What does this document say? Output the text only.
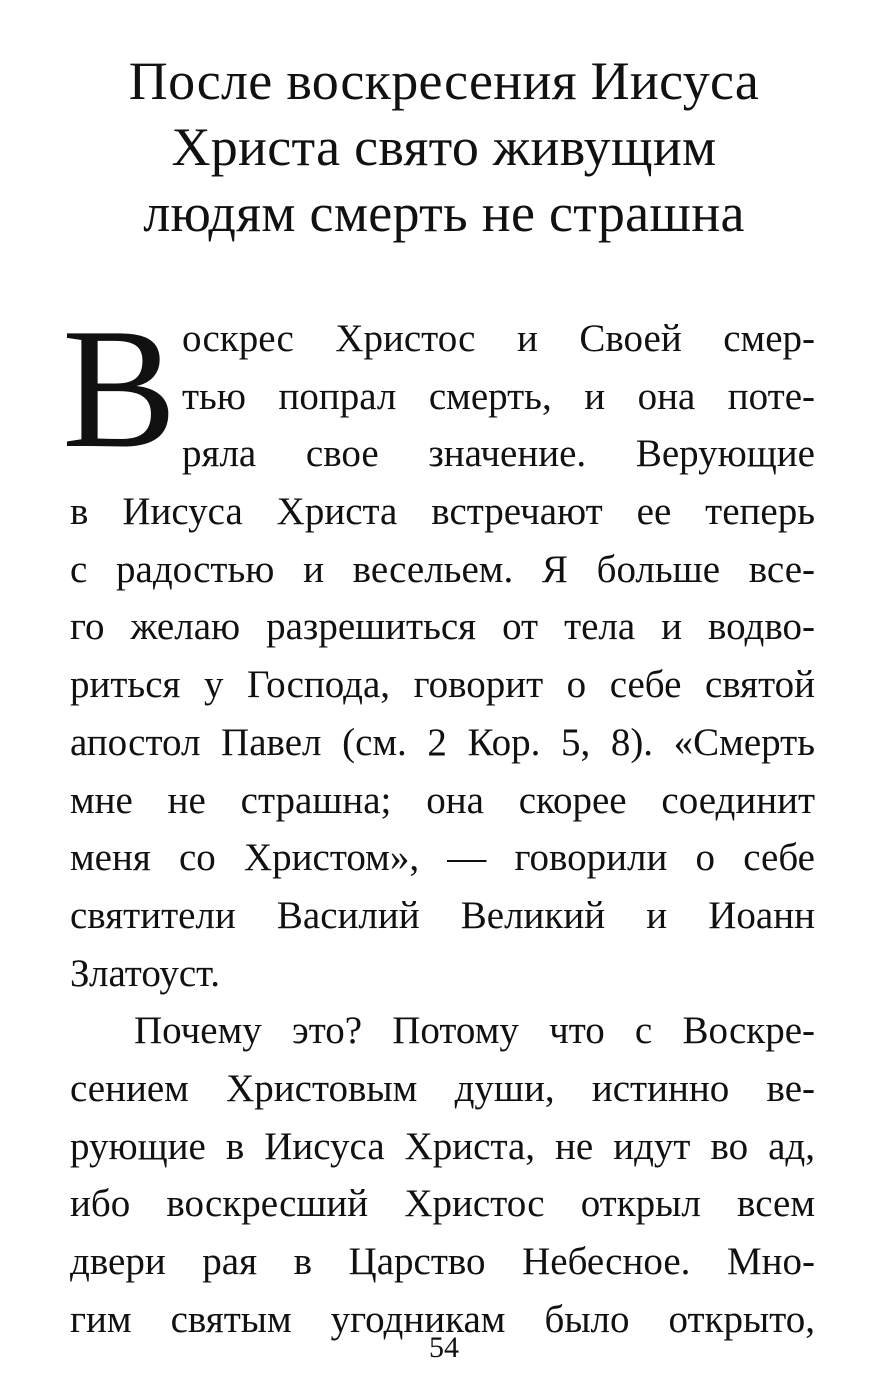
После воскресения Иисуса
Христа свято живущим
людям смерть не страшна
В оскрес Христос и Своей смер-
тью попрал смерть, и она поте-
ряла свое значение. Верующие
в Иисуса Христа встречают ее теперь
с радостью и весельем. Я больше все-
го желаю разрешиться от тела и водво-
риться у Господа, говорит о себе святой
апостол Павел (см. 2 Кор. 5, 8). «Смерть
мне не страшна; она скорее соединит
меня со Христом», — говорили о себе
святители Василий Великий и Иоанн
Златоуст.
Почему это? Потому что с Воскре-
сением Христовым души, истинно ве-
рующие в Иисуса Христа, не идут во ад,
ибо воскресший Христос открыл всем
двери рая в Царство Небесное. Мно-
гим святым угодникам было открыто,
54
